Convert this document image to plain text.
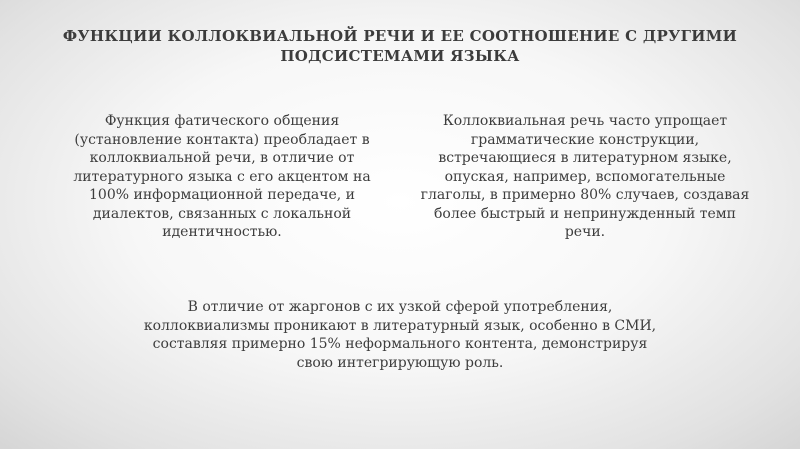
ФУНКЦИИ КОЛЛОКВИАЛЬНОЙ РЕЧИ И ЕЕ СООТНОШЕНИЕ С ДРУГИМИ ПОДСИСТЕМАМИ ЯЗЫКА

Функция фатического общения (установление контакта) преобладает в коллоквиальной речи, в отличие от литературного языка с его акцентом на 100% информационной передаче, и диалектов, связанных с локальной идентичностью.

Коллоквиальная речь часто упрощает грамматические конструкции, встречающиеся в литературном языке, опуская, например, вспомогательные глаголы, в примерно 80% случаев, создавая более быстрый и непринужденный темп речи.

В отличие от жаргонов с их узкой сферой употребления, коллоквиализмы проникают в литературный язык, особенно в СМИ, составляя примерно 15% неформального контента, демонстрируя свою интегрирующую роль.
